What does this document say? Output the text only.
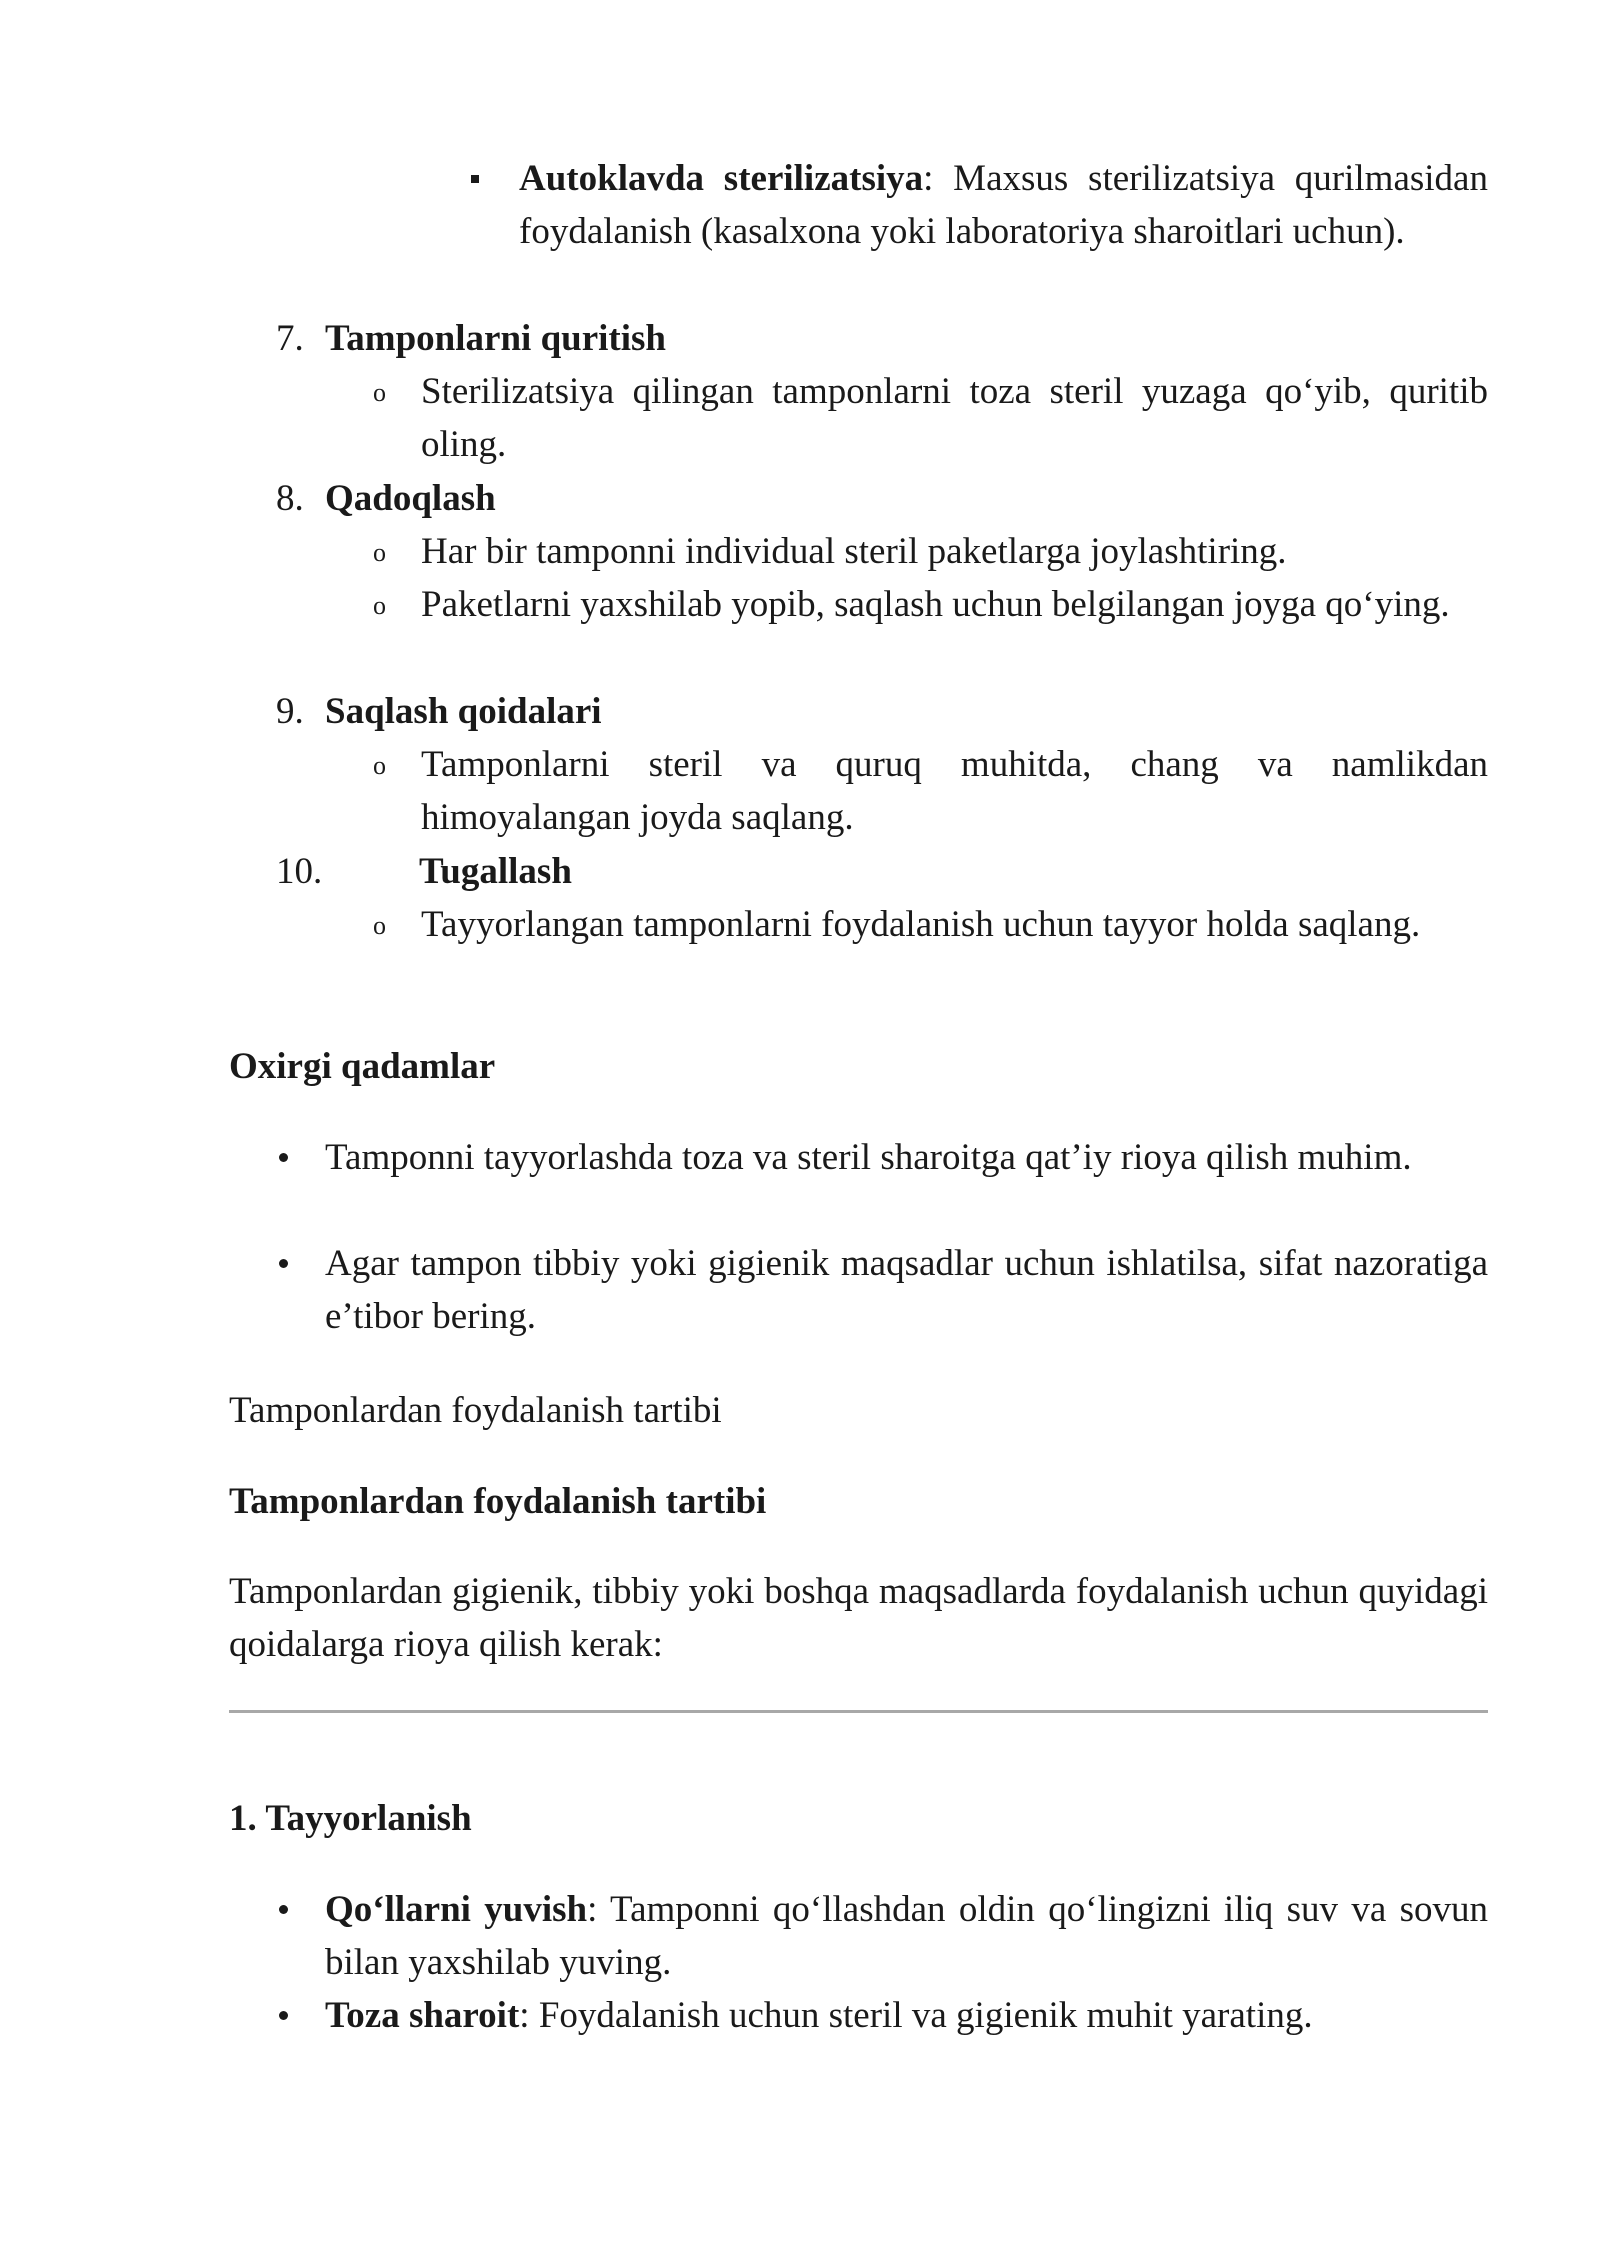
Autoklavda sterilizatsiya: Maxsus sterilizatsiya qurilmasidan foydalanish (kasalxona yoki laboratoriya sharoitlari uchun).
7. Tamponlarni quritish
o Sterilizatsiya qilingan tamponlarni toza steril yuzaga qo‘yib, quritib oling.
8. Qadoqlash
o Har bir tamponni individual steril paketlarga joylashtiring.
o Paketlarni yaxshilab yopib, saqlash uchun belgilangan joyga qo‘ying.
9. Saqlash qoidalari
o Tamponlarni steril va quruq muhitda, chang va namlikdan himoyalangan joyda saqlang.
10.	Tugallash
o Tayyorlangan tamponlarni foydalanish uchun tayyor holda saqlang.
Oxirgi qadamlar
Tamponni tayyorlashda toza va steril sharoitga qat’iy rioya qilish muhim.
Agar tampon tibbiy yoki gigienik maqsadlar uchun ishlatilsa, sifat nazoratiga e’tibor bering.
Tamponlardan foydalanish tartibi
Tamponlardan foydalanish tartibi
Tamponlardan gigienik, tibbiy yoki boshqa maqsadlarda foydalanish uchun quyidagi qoidalarga rioya qilish kerak:
1. Tayyorlanish
Qo‘llarni yuvish: Tamponni qo‘llashdan oldin qo‘lingizni iliq suv va sovun bilan yaxshilab yuving.
Toza sharoit: Foydalanish uchun steril va gigienik muhit yarating.
